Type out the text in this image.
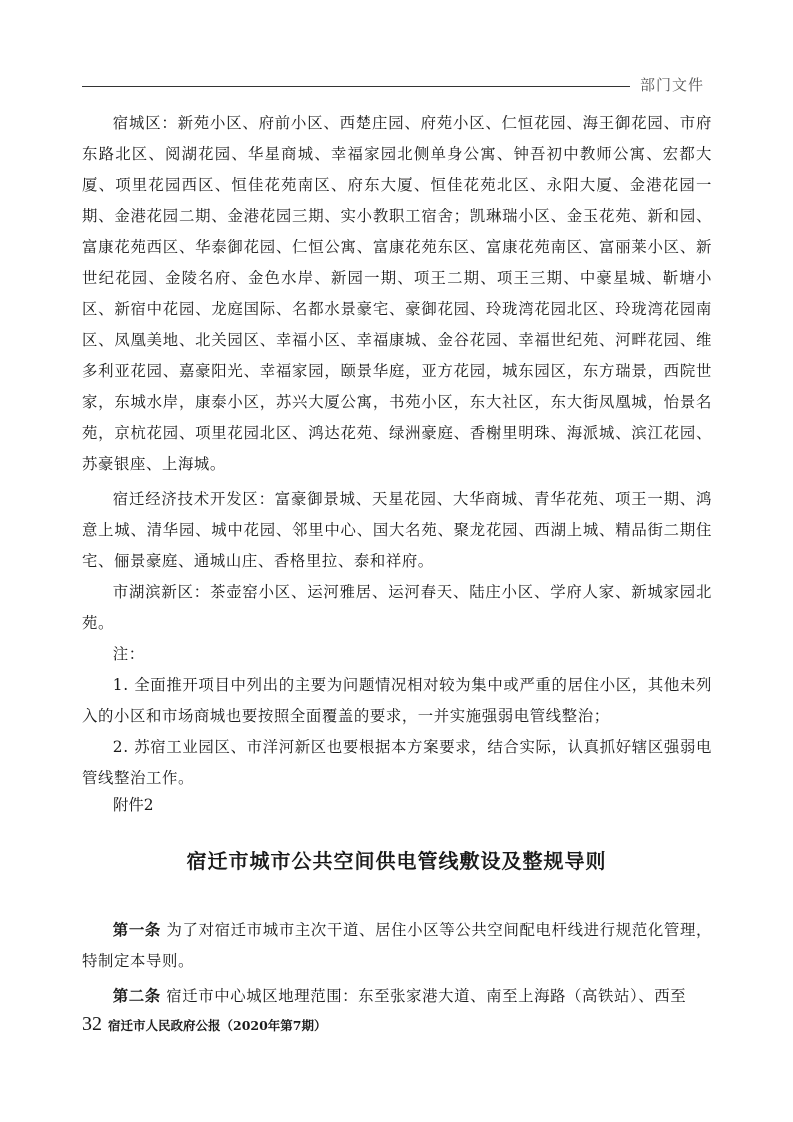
部门文件

宿城区：新苑小区、府前小区、西楚庄园、府苑小区、仁恒花园、海王御花园、市府东路北区、阅湖花园、华星商城、幸福家园北侧单身公寓、钟吾初中教师公寓、宏都大厦、项里花园西区、恒佳花苑南区、府东大厦、恒佳花苑北区、永阳大厦、金港花园一期、金港花园二期、金港花园三期、实小教职工宿舍；凯琳瑞小区、金玉花苑、新和园、富康花苑西区、华泰御花园、仁恒公寓、富康花苑东区、富康花苑南区、富丽莱小区、新世纪花园、金陵名府、金色水岸、新园一期、项王二期、项王三期、中豪星城、靳塘小区、新宿中花园、龙庭国际、名都水景豪宅、豪御花园、玲珑湾花园北区、玲珑湾花园南区、凤凰美地、北关园区、幸福小区、幸福康城、金谷花园、幸福世纪苑、河畔花园、维多利亚花园、嘉豪阳光、幸福家园，颐景华庭，亚方花园，城东园区，东方瑞景，西院世家，东城水岸，康泰小区，苏兴大厦公寓，书苑小区，东大社区，东大街凤凰城，怡景名苑，京杭花园、项里花园北区、鸿达花苑、绿洲豪庭、香榭里明珠、海派城、滨江花园、苏豪银座、上海城。

宿迁经济技术开发区：富豪御景城、天星花园、大华商城、青华花苑、项王一期、鸿意上城、清华园、城中花园、邻里中心、国大名苑、聚龙花园、西湖上城、精品街二期住宅、俪景豪庭、通城山庄、香格里拉、泰和祥府。

市湖滨新区：茶壶窑小区、运河雅居、运河春天、陆庄小区、学府人家、新城家园北苑。

注：

1. 全面推开项目中列出的主要为问题情况相对较为集中或严重的居住小区，其他未列入的小区和市场商城也要按照全面覆盖的要求，一并实施强弱电管线整治；

2. 苏宿工业园区、市洋河新区也要根据本方案要求，结合实际，认真抓好辖区强弱电管线整治工作。

附件2
宿迁市城市公共空间供电管线敷设及整规导则

第一条 为了对宿迁市城市主次干道、居住小区等公共空间配电杆线进行规范化管理，特制定本导则。

第二条 宿迁市中心城区地理范围：东至张家港大道、南至上海路（高铁站）、西至

32 宿迁市人民政府公报（2020年第7期）
